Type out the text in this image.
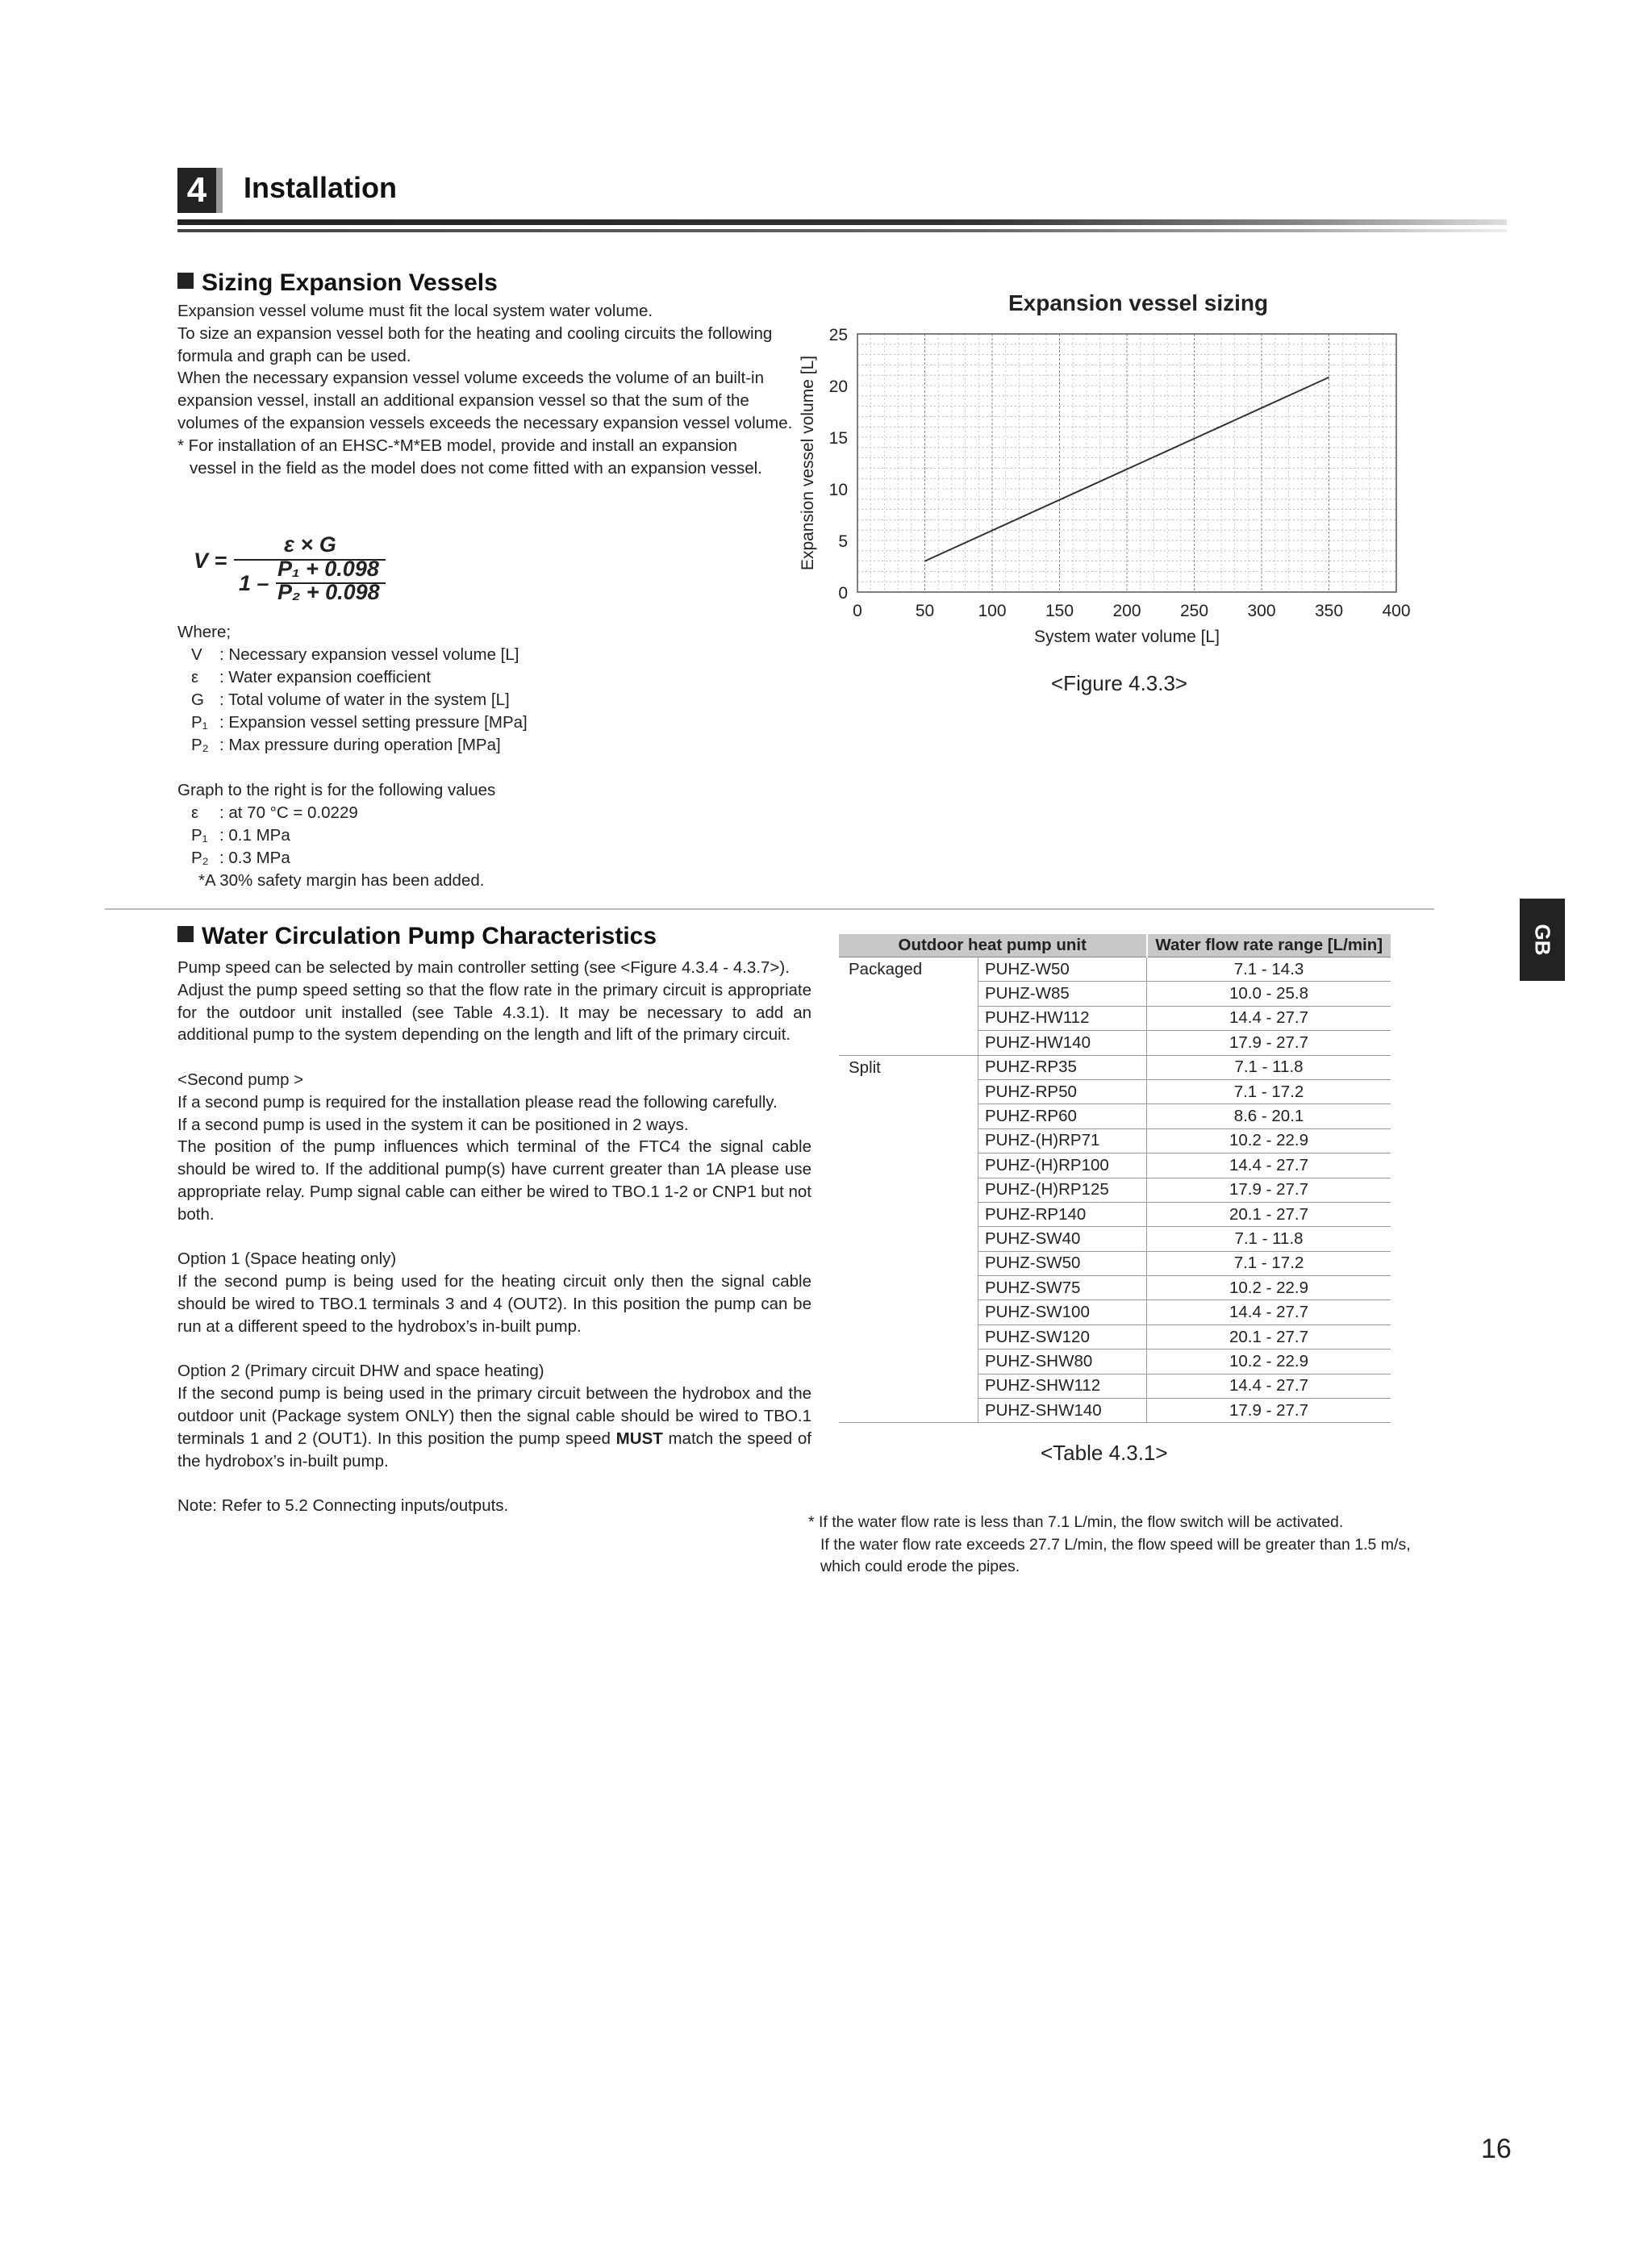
4	Installation
Sizing Expansion Vessels

Expansion vessel volume must fit the local system water volume.

To size an expansion vessel both for the heating and cooling circuits the following formula and graph can be used.

When the necessary expansion vessel volume exceeds the volume of an built-in expansion vessel, install an additional expansion vessel so that the sum of the volumes of the expansion vessels exceeds the necessary expansion vessel volume.

* For installation of an EHSC-*M*EB model, provide and install an expansion

vessel in the field as the model does not come fitted with an expansion vessel.

V =
ε × G
1 –
P₁ + 0.098
P₂ + 0.098
Where;
V : Necessary expansion vessel volume [L]
ε : Water expansion coefficient
G : Total volume of water in the system [L]
P₁ : Expansion vessel setting pressure [MPa]
P₂ : Max pressure during operation [MPa]
Graph to the right is for the following values
ε : at 70 °C = 0.0229
P₁ : 0.1 MPa
P₂ : 0.3 MPa
*A 30% safety margin has been added.
Expansion vessel sizing
0	50	100 150 200 250 300 350 400
0
5
10
15
20
25
System water volume [L]
Expansion vessel volume [L]
<Figure 4.3.3>
GB
Water Circulation Pump Characteristics

Pump speed can be selected by main controller setting (see <Figure 4.3.4 - 4.3.7>).

Adjust the pump speed setting so that the flow rate in the primary circuit is appropriate for the outdoor unit installed (see Table 4.3.1). It may be necessary to add an additional pump to the system depending on the length and lift of the primary circuit.

<Second pump >

If a second pump is required for the installation please read the following carefully.

If a second pump is used in the system it can be positioned in 2 ways.

The position of the pump influences which terminal of the FTC4 the signal cable should be wired to. If the additional pump(s) have current greater than 1A please use appropriate relay. Pump signal cable can either be wired to TBO.1 1-2 or CNP1 but not both.

Option 1 (Space heating only)

If the second pump is being used for the heating circuit only then the signal cable should be wired to TBO.1 terminals 3 and 4 (OUT2). In this position the pump can be run at a different speed to the hydrobox’s in-built pump.

Option 2 (Primary circuit DHW and space heating)

If the second pump is being used in the primary circuit between the hydrobox and the outdoor unit (Package system ONLY) then the signal cable should be wired to TBO.1 terminals 1 and 2 (OUT1). In this position the pump speed MUST match the speed of the hydrobox’s in-built pump.

Note: Refer to 5.2 Connecting inputs/outputs.

Outdoor heat pump unit		Water flow rate range [L/min]
Packaged	PUHZ-W50	7.1 - 14.3
	PUHZ-W85	10.0 - 25.8
	PUHZ-HW112	14.4 - 27.7
	PUHZ-HW140	17.9 - 27.7
Split	PUHZ-RP35	7.1 - 11.8
	PUHZ-RP50	7.1 - 17.2
	PUHZ-RP60	8.6 - 20.1
	PUHZ-(H)RP71	10.2 - 22.9
	PUHZ-(H)RP100	14.4 - 27.7
	PUHZ-(H)RP125	17.9 - 27.7
	PUHZ-RP140	20.1 - 27.7
	PUHZ-SW40	7.1 - 11.8
	PUHZ-SW50	7.1 - 17.2
	PUHZ-SW75	10.2 - 22.9
	PUHZ-SW100	14.4 - 27.7
	PUHZ-SW120	20.1 - 27.7
	PUHZ-SHW80	10.2 - 22.9
	PUHZ-SHW112	14.4 - 27.7
	PUHZ-SHW140	17.9 - 27.7
<Table 4.3.1>
* If the water flow rate is less than 7.1 L/min, the flow switch will be activated.
If the water flow rate exceeds 27.7 L/min, the flow speed will be greater than 1.5 m/s,
which could erode the pipes.
16
